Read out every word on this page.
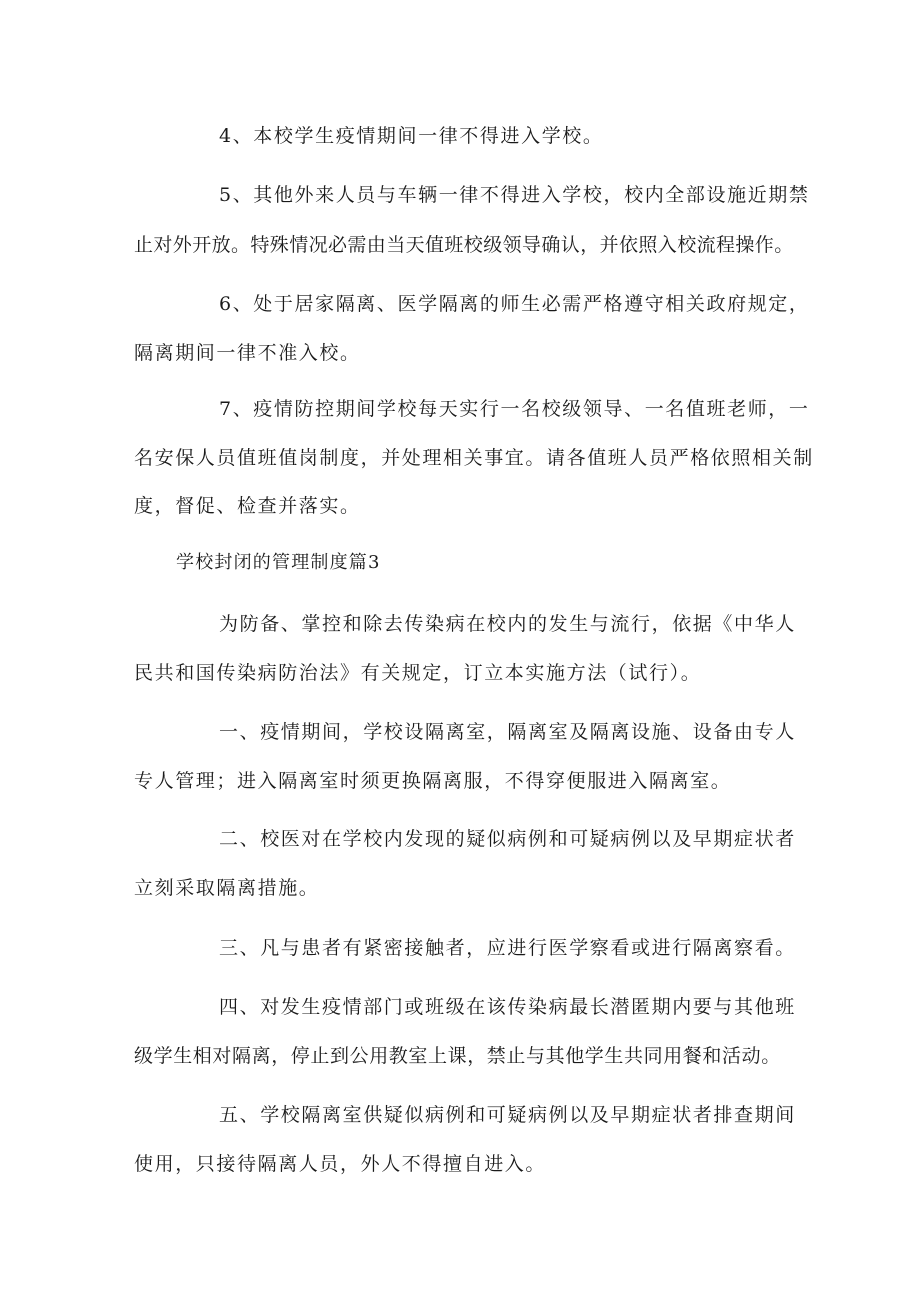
4、本校学生疫情期间一律不得进入学校。
5、其他外来人员与车辆一律不得进入学校，校内全部设施近期禁
止对外开放。特殊情况必需由当天值班校级领导确认，并依照入校流程操作。
6、处于居家隔离、医学隔离的师生必需严格遵守相关政府规定，
隔离期间一律不准入校。
7、疫情防控期间学校每天实行一名校级领导、一名值班老师，一
名安保人员值班值岗制度，并处理相关事宜。请各值班人员严格依照相关制
度，督促、检查并落实。
学校封闭的管理制度篇3
为防备、掌控和除去传染病在校内的发生与流行，依据《中华人
民共和国传染病防治法》有关规定，订立本实施方法（试行）。
一、疫情期间，学校设隔离室，隔离室及隔离设施、设备由专人
专人管理；进入隔离室时须更换隔离服，不得穿便服进入隔离室。
二、校医对在学校内发现的疑似病例和可疑病例以及早期症状者
立刻采取隔离措施。
三、凡与患者有紧密接触者，应进行医学察看或进行隔离察看。
四、对发生疫情部门或班级在该传染病最长潜匿期内要与其他班
级学生相对隔离，停止到公用教室上课，禁止与其他学生共同用餐和活动。
五、学校隔离室供疑似病例和可疑病例以及早期症状者排查期间
使用，只接待隔离人员，外人不得擅自进入。
